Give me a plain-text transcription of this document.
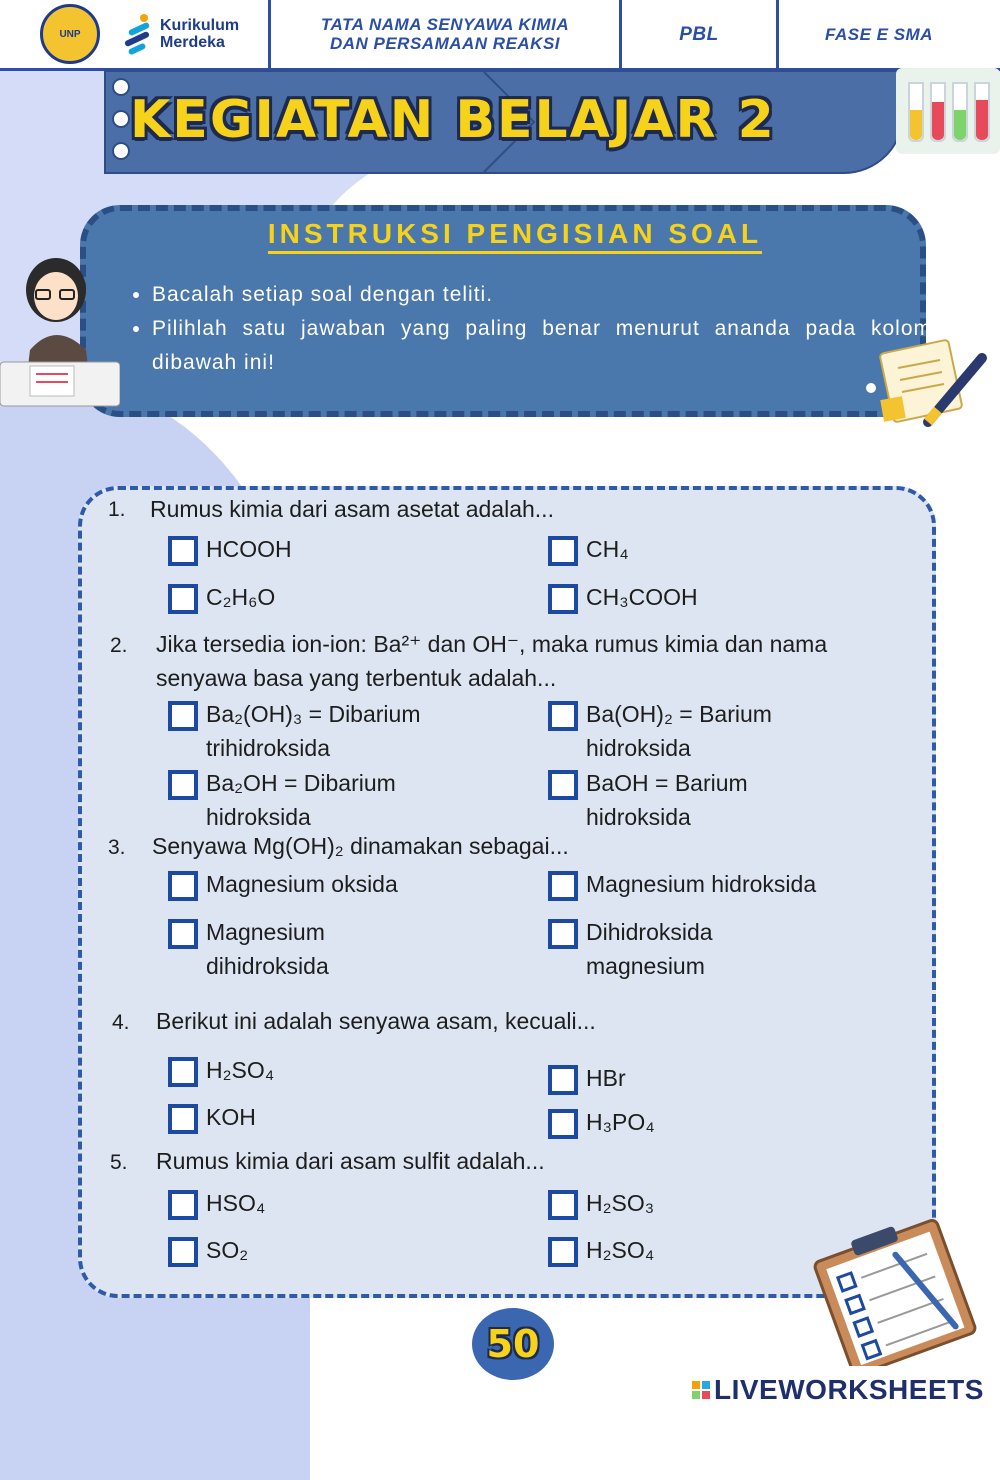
UNP	Kurikulum
Merdeka
TATA NAMA SENYAWA KIMIA
DAN PERSAMAAN REAKSI	PBL	FASE E SMA
KEGIATAN BELAJAR 2
INSTRUKSI PENGISIAN SOAL
• Bacalah setiap soal dengan teliti.
• Pilihlah satu jawaban yang paling benar menurut ananda pada kolom dibawah ini!
1. Rumus kimia dari asam asetat adalah...
HCOOH	CH₄
C₂H₆O	CH₃COOH
2. Jika tersedia ion-ion: Ba²⁺ dan OH⁻, maka rumus kimia dan nama senyawa basa yang terbentuk adalah...
Ba₂(OH)₃ = Dibarium
trihidroksida
Ba(OH)₂ = Barium
hidroksida
Ba₂OH = Dibarium
hidroksida
BaOH = Barium
hidroksida
3. Senyawa Mg(OH)₂ dinamakan sebagai...
Magnesium oksida	Magnesium hidroksida
Magnesium
dihidroksida
Dihidroksida
magnesium
4. Berikut ini adalah senyawa asam, kecuali...
H₂SO₄	HBr
KOH	H₃PO₄
5. Rumus kimia dari asam sulfit adalah...
HSO₄	H₂SO₃
SO₂	H₂SO₄
50
LIVEWORKSHEETS
